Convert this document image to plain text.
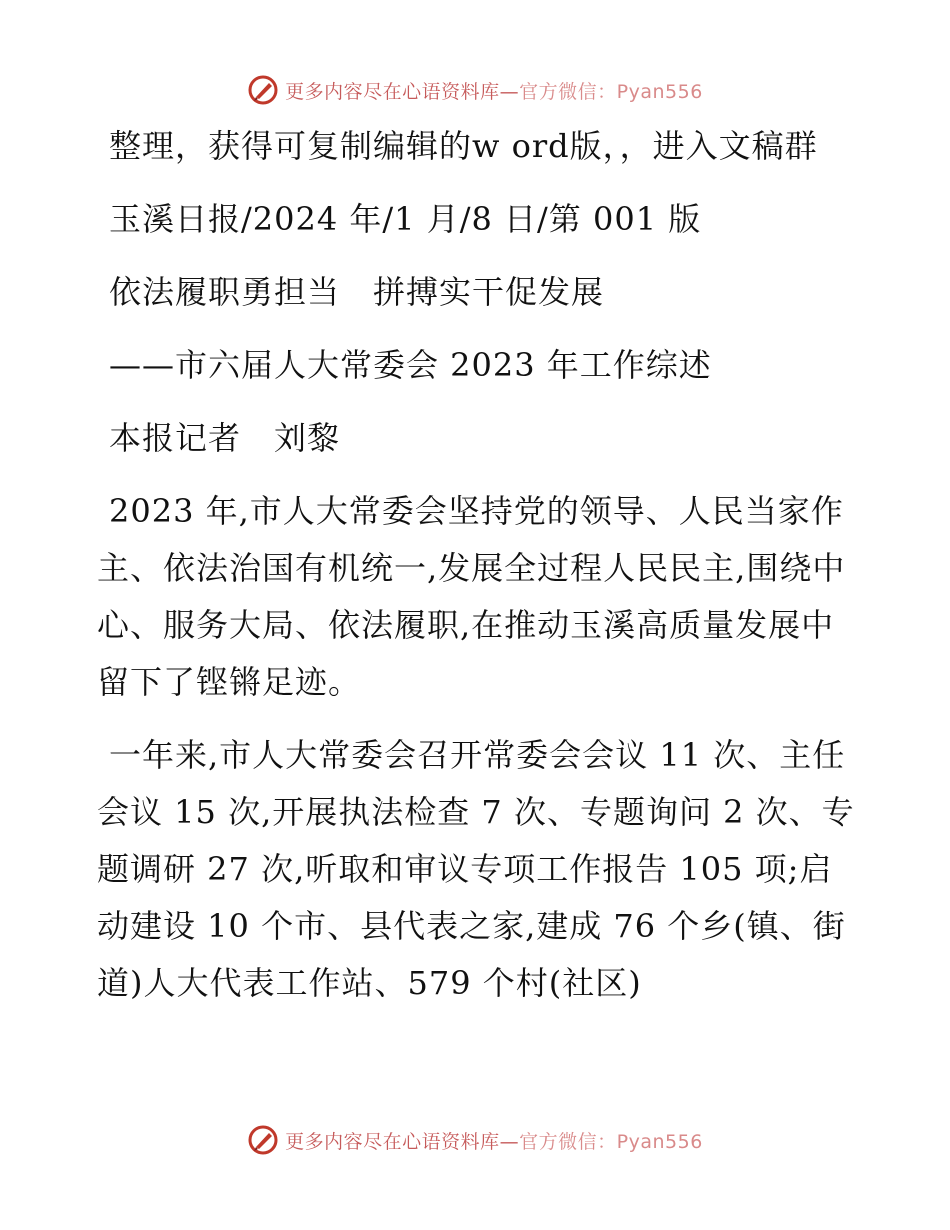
更多内容尽在心语资料库—官方微信：Pyan556

整理，获得可复制编辑的w ord版，，进入文稿群

玉溪日报/2024 年/1 月/8 日/第 001 版

依法履职勇担当　拼搏实干促发展

——市六届人大常委会 2023 年工作综述

本报记者　刘黎

2023 年,市人大常委会坚持党的领导、人民当家作主、依法治国有机统一,发展全过程人民民主,围绕中心、服务大局、依法履职,在推动玉溪高质量发展中留下了铿锵足迹。

一年来,市人大常委会召开常委会会议 11 次、主任会议 15 次,开展执法检查 7 次、专题询问 2 次、专题调研 27 次,听取和审议专项工作报告 105 项;启动建设 10 个市、县代表之家,建成 76 个乡(镇、街道)人大代表工作站、579 个村(社区)

更多内容尽在心语资料库—官方微信：Pyan556
